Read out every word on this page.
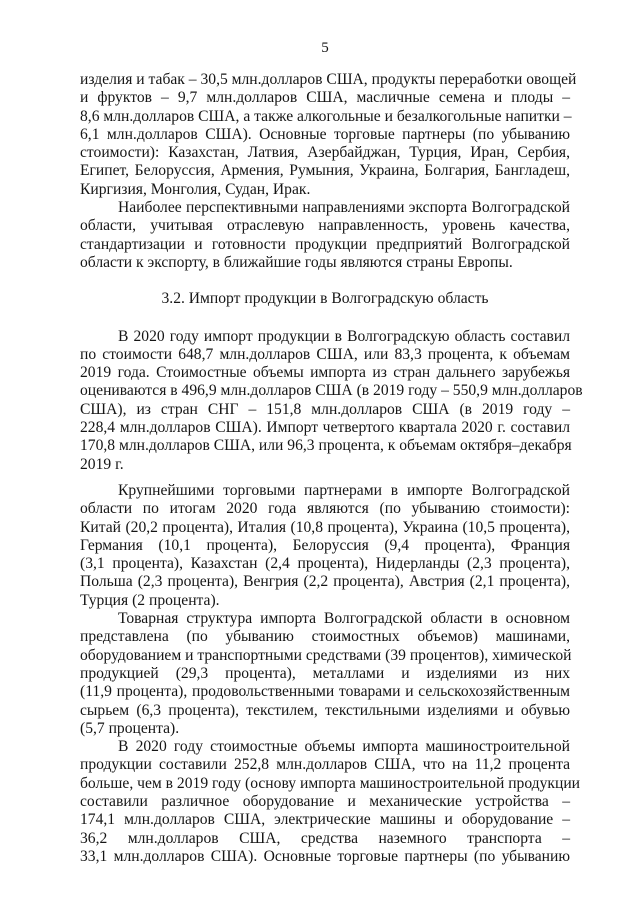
5
изделия и табак – 30,5 млн.долларов США, продукты переработки овощей
и фруктов – 9,7 млн.долларов США, масличные семена и плоды –
8,6 млн.долларов США, а также алкогольные и безалкогольные напитки –
6,1 млн.долларов США). Основные торговые партнеры (по убыванию
стоимости): Казахстан, Латвия, Азербайджан, Турция, Иран, Сербия,
Египет, Белоруссия, Армения, Румыния, Украина, Болгария, Бангладеш,
Киргизия, Монголия, Судан, Ирак.
Наиболее перспективными направлениями экспорта Волгоградской
области, учитывая отраслевую направленность, уровень качества,
стандартизации и готовности продукции предприятий Волгоградской
области к экспорту, в ближайшие годы являются страны Европы.
3.2. Импорт продукции в Волгоградскую область
В 2020 году импорт продукции в Волгоградскую область составил
по стоимости 648,7 млн.долларов США, или 83,3 процента, к объемам
2019 года. Стоимостные объемы импорта из стран дальнего зарубежья
оцениваются в 496,9 млн.долларов США (в 2019 году – 550,9 млн.долларов
США), из стран СНГ – 151,8 млн.долларов США (в 2019 году –
228,4 млн.долларов США). Импорт четвертого квартала 2020 г. составил
170,8 млн.долларов США, или 96,3 процента, к объемам октября–декабря
2019 г.
Крупнейшими торговыми партнерами в импорте Волгоградской
области по итогам 2020 года являются (по убыванию стоимости):
Китай (20,2 процента), Италия (10,8 процента), Украина (10,5 процента),
Германия (10,1 процента), Белоруссия (9,4 процента), Франция
(3,1 процента), Казахстан (2,4 процента), Нидерланды (2,3 процента),
Польша (2,3 процента), Венгрия (2,2 процента), Австрия (2,1 процента),
Турция (2 процента).
Товарная структура импорта Волгоградской области в основном
представлена (по убыванию стоимостных объемов) машинами,
оборудованием и транспортными средствами (39 процентов), химической
продукцией (29,3 процента), металлами и изделиями из них
(11,9 процента), продовольственными товарами и сельскохозяйственным
сырьем (6,3 процента), текстилем, текстильными изделиями и обувью
(5,7 процента).
В 2020 году стоимостные объемы импорта машиностроительной
продукции составили 252,8 млн.долларов США, что на 11,2 процента
больше, чем в 2019 году (основу импорта машиностроительной продукции
составили различное оборудование и механические устройства –
174,1 млн.долларов США, электрические машины и оборудование –
36,2 млн.долларов США, средства наземного транспорта –
33,1 млн.долларов США). Основные торговые партнеры (по убыванию
